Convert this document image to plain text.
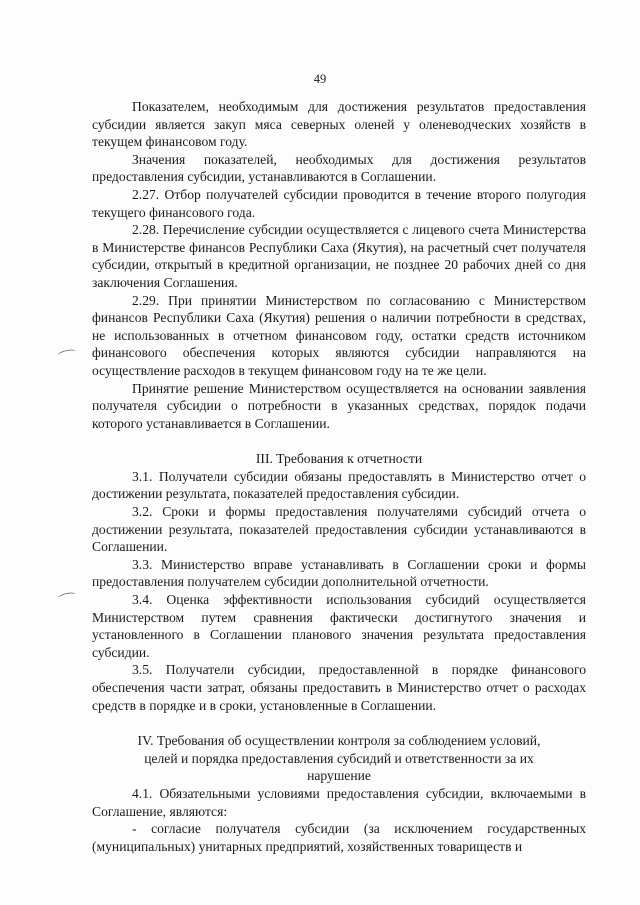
49

Показателем, необходимым для достижения результатов предоставления субсидии является закуп мяса северных оленей у оленеводческих хозяйств в текущем финансовом году.

Значения показателей, необходимых для достижения результатов предоставления субсидии, устанавливаются в Соглашении.

2.27. Отбор получателей субсидии проводится в течение второго полугодия текущего финансового года.

2.28. Перечисление субсидии осуществляется с лицевого счета Министерства в Министерстве финансов Республики Саха (Якутия), на расчетный счет получателя субсидии, открытый в кредитной организации, не позднее 20 рабочих дней со дня заключения Соглашения.

2.29. При принятии Министерством по согласованию с Министерством финансов Республики Саха (Якутия) решения о наличии потребности в средствах, не использованных в отчетном финансовом году, остатки средств источником финансового обеспечения которых являются субсидии направляются на осуществление расходов в текущем финансовом году на те же цели.

Принятие решение Министерством осуществляется на основании заявления получателя субсидии о потребности в указанных средствах, порядок подачи которого устанавливается в Соглашении.

III. Требования к отчетности

3.1. Получатели субсидии обязаны предоставлять в Министерство отчет о достижении результата, показателей предоставления субсидии.

3.2. Сроки и формы предоставления получателями субсидий отчета о достижении результата, показателей предоставления субсидии устанавливаются в Соглашении.

3.3. Министерство вправе устанавливать в Соглашении сроки и формы предоставления получателем субсидии дополнительной отчетности.

3.4. Оценка эффективности использования субсидий осуществляется Министерством путем сравнения фактически достигнутого значения и установленного в Соглашении планового значения результата предоставления субсидии.

3.5. Получатели субсидии, предоставленной в порядке финансового обеспечения части затрат, обязаны предоставить в Министерство отчет о расходах средств в порядке и в сроки, установленные в Соглашении.

IV. Требования об осуществлении контроля за соблюдением условий,

целей и порядка предоставления субсидий и ответственности за их

нарушение

4.1. Обязательными условиями предоставления субсидии, включаемыми в Соглашение, являются:

- согласие получателя субсидии (за исключением государственных (муниципальных) унитарных предприятий, хозяйственных товариществ и
